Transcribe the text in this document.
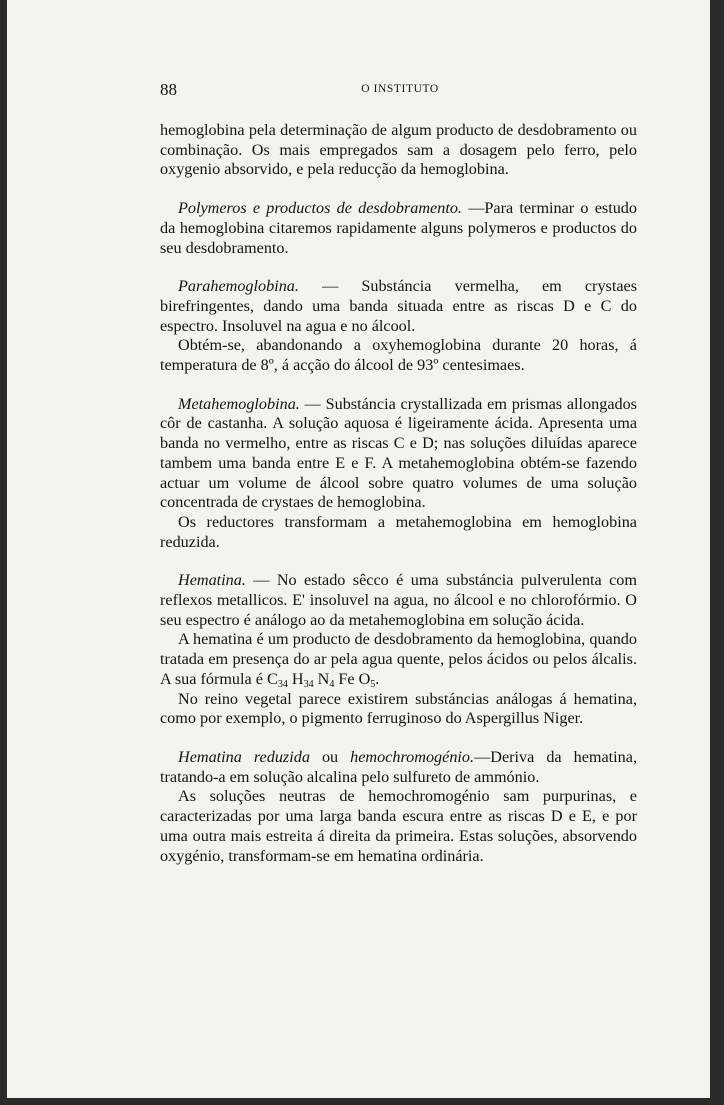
88	O INSTITUTO

hemoglobina pela determinação de algum producto de desdobramento ou combinação. Os mais empregados sam a dosagem pelo ferro, pelo oxygenio absorvido, e pela reducção da hemoglobina.

Polymeros e productos de desdobramento. —Para terminar o estudo da hemoglobina citaremos rapidamente alguns polymeros e productos do seu desdobramento.

Parahemoglobina. — Substáncia vermelha, em crystaes birefringentes, dando uma banda situada entre as riscas D e C do espectro. Insoluvel na agua e no álcool.

Obtém-se, abandonando a oxyhemoglobina durante 20 horas, á temperatura de 8º, á acção do álcool de 93º centesimaes.

Metahemoglobina. — Substáncia crystallizada em prismas allongados côr de castanha. A solução aquosa é ligeiramente ácida. Apresenta uma banda no vermelho, entre as riscas C e D; nas soluções diluídas aparece tambem uma banda entre E e F. A metahemoglobina obtém-se fazendo actuar um volume de álcool sobre quatro volumes de uma solução concentrada de crystaes de hemoglobina.

Os reductores transformam a metahemoglobina em hemoglobina reduzida.

Hematina. — No estado sêcco é uma substáncia pulverulenta com reflexos metallicos. E' insoluvel na agua, no álcool e no chlorofórmio. O seu espectro é análogo ao da metahemoglobina em solução ácida.

A hematina é um producto de desdobramento da hemoglobina, quando tratada em presença do ar pela agua quente, pelos ácidos ou pelos álcalis. A sua fórmula é $C_{34}$ $H_{34}$ $N_4$ Fe $O_5$.

No reino vegetal parece existirem substáncias análogas á hematina, como por exemplo, o pigmento ferruginoso do Aspergillus Niger.

Hematina reduzida ou hemochromogénio.—Deriva da hematina, tratando-a em solução alcalina pelo sulfureto de ammónio.

As soluções neutras de hemochromogénio sam purpurinas, e caracterizadas por uma larga banda escura entre as riscas D e E, e por uma outra mais estreita á direita da primeira. Estas soluções, absorvendo oxygénio, transformam-se em hematina ordinária.
